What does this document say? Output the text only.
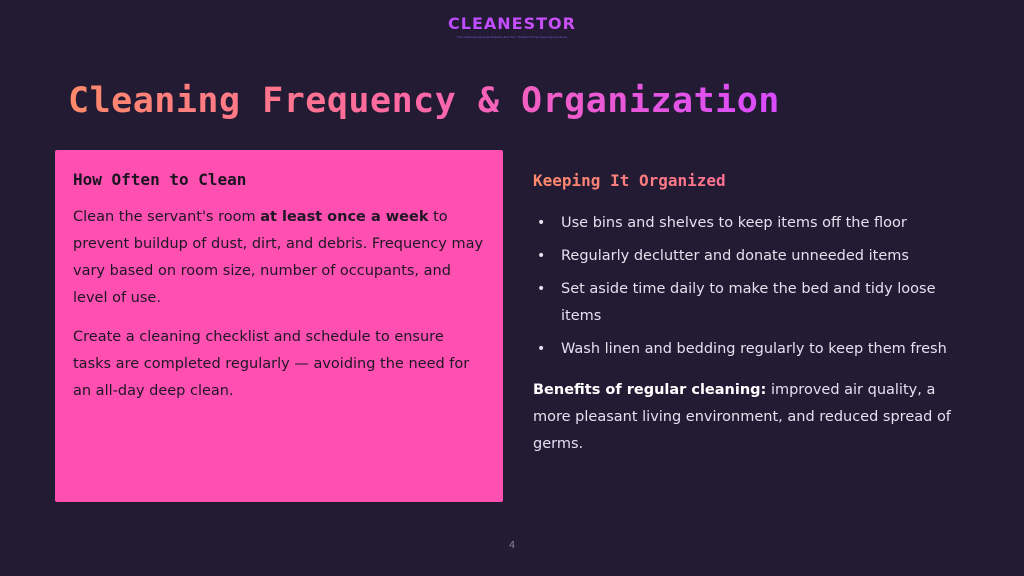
CLEANESTOR
The Cleaning Services Experts and Your Trusted Home Cleaning Solutions
Cleaning Frequency & Organization
How Often to Clean

Clean the servant's room at least once a week to prevent buildup of dust, dirt, and debris. Frequency may vary based on room size, number of occupants, and level of use.

Create a cleaning checklist and schedule to ensure tasks are completed regularly — avoiding the need for an all-day deep clean.

Keeping It Organized
• Use bins and shelves to keep items off the floor
• Regularly declutter and donate unneeded items
• Set aside time daily to make the bed and tidy loose items
• Wash linen and bedding regularly to keep them fresh
Benefits of regular cleaning: improved air quality, a more pleasant living environment, and reduced spread of germs.
4
